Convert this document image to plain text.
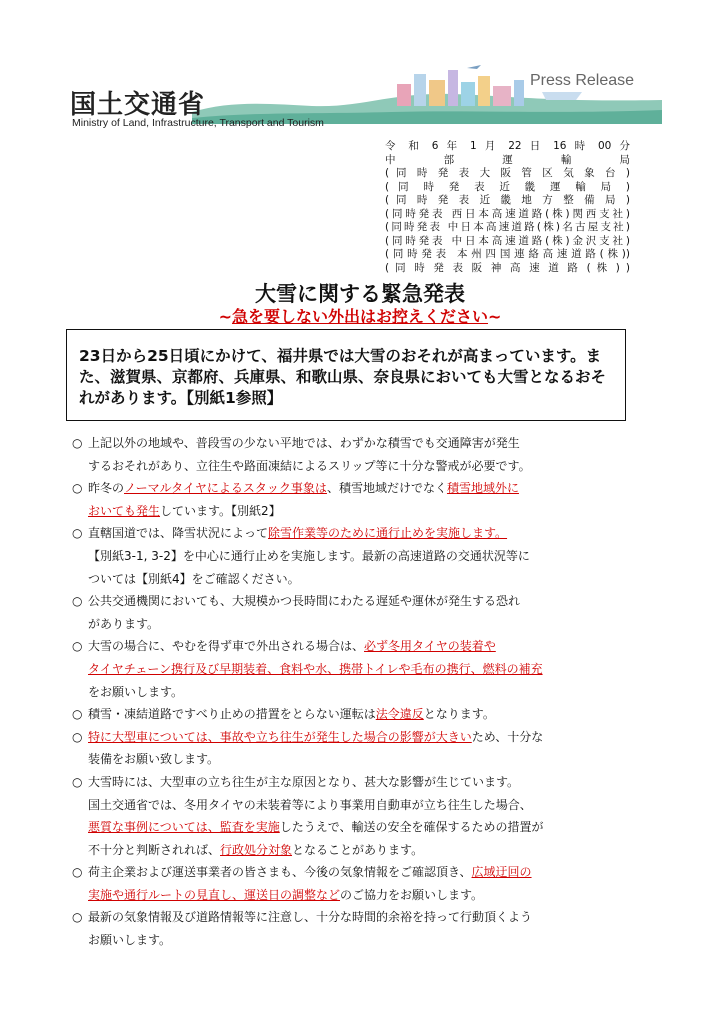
国土交通省
Ministry of Land, Infrastructure, Transport and Tourism
Press Release
令 和 6 年 1 月 22 日 16 時 00 分
中 部 運 輸 局
( 同 時 発 表 大 阪 管 区 気 象 台 )
( 同 時 発 表 近 畿 運 輸 局 )
( 同 時 発 表 近 畿 地 方 整 備 局 )
(同時発表 西日本高速道路(株)関西支社)
(同時発表 中日本高速道路(株)名古屋支社)
(同時発表 中日本高速道路(株)金沢支社)
(同時発表 本州四国連絡高速道路(株))
( 同 時 発 表 阪 神 高 速 道 路 ( 株 ) )
大雪に関する緊急発表
~急を要しない外出はお控えください~
23日から25日頃にかけて、福井県では大雪のおそれが高まっています。また、滋賀県、京都府、兵庫県、和歌山県、奈良県においても大雪となるおそれがあります。【別紙1参照】
○ 上記以外の地域や、普段雪の少ない平地では、わずかな積雪でも交通障害が発生
するおそれがあり、立往生や路面凍結によるスリップ等に十分な警戒が必要です。
○ 昨冬のノーマルタイヤによるスタック事象は、積雪地域だけでなく積雪地域外に
おいても発生しています。【別紙2】
○ 直轄国道では、降雪状況によって除雪作業等のために通行止めを実施します。
【別紙3-1, 3-2】を中心に通行止めを実施します。最新の高速道路の交通状況等に
ついては【別紙4】をご確認ください。
○ 公共交通機関においても、大規模かつ長時間にわたる遅延や運休が発生する恐れ
があります。
○ 大雪の場合に、やむを得ず車で外出される場合は、必ず冬用タイヤの装着や
タイヤチェーン携行及び早期装着、食料や水、携帯トイレや毛布の携行、燃料の補充
をお願いします。
○ 積雪・凍結道路ですべり止めの措置をとらない運転は法令違反となります。
○ 特に大型車については、事故や立ち往生が発生した場合の影響が大きいため、十分な
装備をお願い致します。
○ 大雪時には、大型車の立ち往生が主な原因となり、甚大な影響が生じています。
国土交通省では、冬用タイヤの未装着等により事業用自動車が立ち往生した場合、
悪質な事例については、監査を実施したうえで、輸送の安全を確保するための措置が
不十分と判断されれば、行政処分対象となることがあります。
○ 荷主企業および運送事業者の皆さまも、今後の気象情報をご確認頂き、広域迂回の
実施や通行ルートの見直し、運送日の調整などのご協力をお願いします。
○ 最新の気象情報及び道路情報等に注意し、十分な時間的余裕を持って行動頂くよう
お願いします。
